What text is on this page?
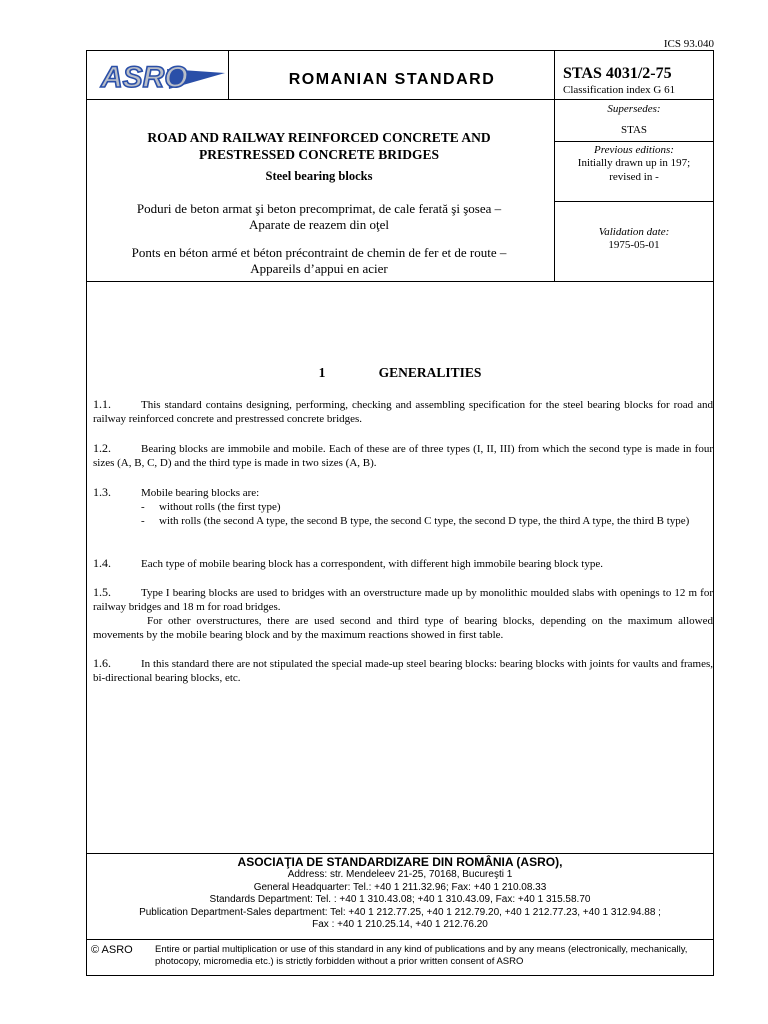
ICS 93.040
ASRO	ROMANIAN STANDARD	STAS 4031/2-75
Classification index G 61
Supersedes:
STAS
Previous editions:
Initially drawn up in 197;
revised in -
Validation date:
1975-05-01
ROAD AND RAILWAY REINFORCED CONCRETE AND
PRESTRESSED CONCRETE BRIDGES
Steel bearing blocks
Poduri de beton armat şi beton precomprimat, de cale ferată şi şosea –
Aparate de reazem din oţel
Ponts en béton armé et béton précontraint de chemin de fer et de route –
Appareils d’appui en acier
1	GENERALITIES
1.1.	This standard contains designing, performing, checking and assembling specification for the steel bearing blocks for road and railway reinforced concrete and prestressed concrete bridges.
1.2.	Bearing blocks are immobile and mobile. Each of these are of three types (I, II, III) from which the second type is made in four sizes (A, B, C, D) and the third type is made in two sizes (A, B).
1.3.	Mobile bearing blocks are:
- without rolls (the first type)
- with rolls (the second A type, the second B type, the second C type, the second D type, the third A type, the third B type)
1.4.	Each type of mobile bearing block has a correspondent, with different high immobile bearing block type.
1.5.	Type I bearing blocks are used to bridges with an overstructure made up by monolithic moulded slabs with openings to 12 m for railway bridges and 18 m for road bridges.
For other overstructures, there are used second and third type of bearing blocks, depending on the maximum allowed movements by the mobile bearing block and by the maximum reactions showed in first table.
1.6.	In this standard there are not stipulated the special made-up steel bearing blocks: bearing blocks with joints for vaults and frames, bi-directional bearing blocks, etc.
ASOCIAŢIA DE STANDARDIZARE DIN ROMÂNIA (ASRO),
Address: str. Mendeleev 21-25, 70168, Bucureşti 1
General Headquarter: Tel.: +40 1 211.32.96; Fax: +40 1 210.08.33
Standards Department: Tel. : +40 1 310.43.08; +40 1 310.43.09, Fax: +40 1 315.58.70
Publication Department-Sales department: Tel: +40 1 212.77.25, +40 1 212.79.20, +40 1 212.77.23, +40 1 312.94.88 ;
Fax : +40 1 210.25.14, +40 1 212.76.20
© ASRO Entire or partial multiplication or use of this standard in any kind of publications and by any means (electronically, mechanically, photocopy, micromedia etc.) is strictly forbidden without a prior written consent of ASRO
